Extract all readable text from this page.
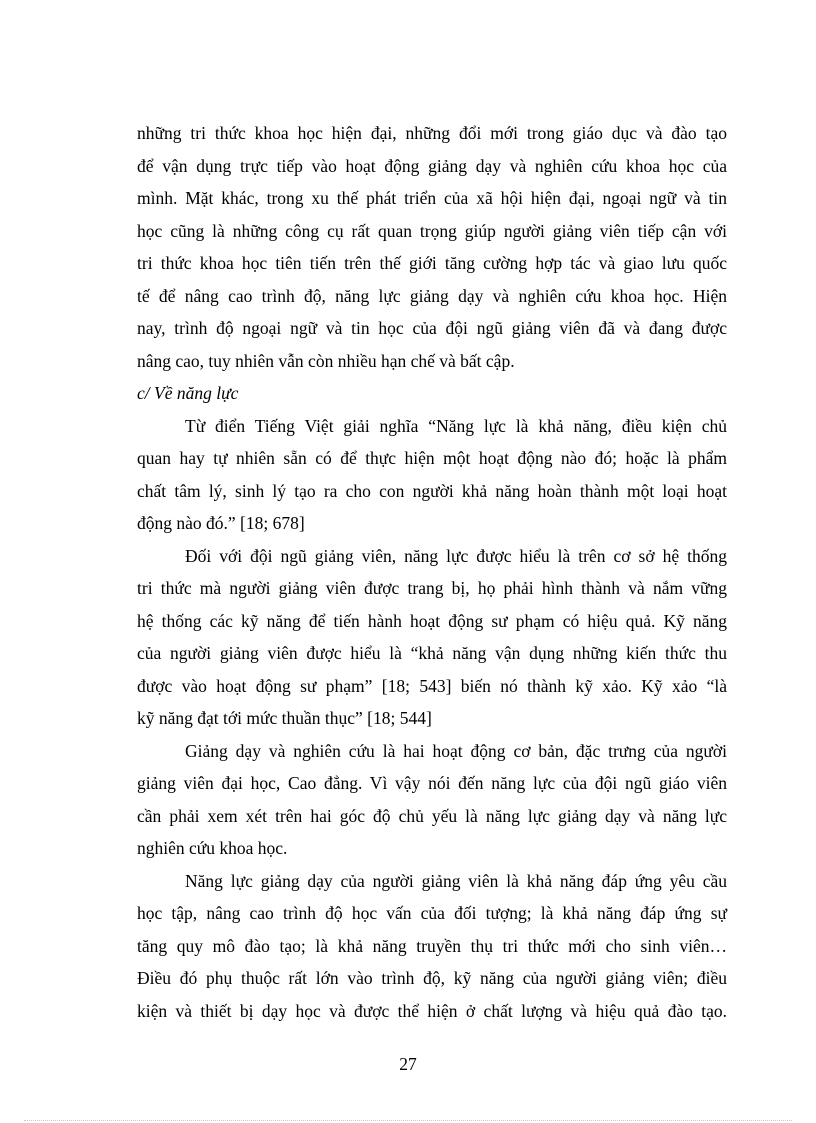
những tri thức khoa học hiện đại, những đổi mới trong giáo dục và đào tạo
để vận dụng trực tiếp vào hoạt động giảng dạy và nghiên cứu khoa học của
mình. Mặt khác, trong xu thế phát triển của xã hội hiện đại, ngoại ngữ và tin
học cũng là những công cụ rất quan trọng giúp người giảng viên tiếp cận với
tri thức khoa học tiên tiến trên thế giới tăng cường hợp tác và giao lưu quốc
tế để nâng cao trình độ, năng lực giảng dạy và nghiên cứu khoa học. Hiện
nay, trình độ ngoại ngữ và tin học của đội ngũ giảng viên đã và đang được
nâng cao, tuy nhiên vẫn còn nhiều hạn chế và bất cập.
c/ Về năng lực
Từ điển Tiếng Việt giải nghĩa “Năng lực là khả năng, điều kiện chủ
quan hay tự nhiên sẵn có để thực hiện một hoạt động nào đó; hoặc là phẩm
chất tâm lý, sinh lý tạo ra cho con người khả năng hoàn thành một loại hoạt
động nào đó.” [18; 678]
Đối với đội ngũ giảng viên, năng lực được hiểu là trên cơ sở hệ thống
tri thức mà người giảng viên được trang bị, họ phải hình thành và nắm vững
hệ thống các kỹ năng để tiến hành hoạt động sư phạm có hiệu quả. Kỹ năng
của người giảng viên được hiểu là “khả năng vận dụng những kiến thức thu
được vào hoạt động sư phạm” [18; 543] biến nó thành kỹ xảo. Kỹ xảo “là
kỹ năng đạt tới mức thuần thục” [18; 544]
Giảng dạy và nghiên cứu là hai hoạt động cơ bản, đặc trưng của người
giảng viên đại học, Cao đẳng. Vì vậy nói đến năng lực của đội ngũ giáo viên
cần phải xem xét trên hai góc độ chủ yếu là năng lực giảng dạy và năng lực
nghiên cứu khoa học.
Năng lực giảng dạy của người giảng viên là khả năng đáp ứng yêu cầu
học tập, nâng cao trình độ học vấn của đối tượng; là khả năng đáp ứng sự
tăng quy mô đào tạo; là khả năng truyền thụ tri thức mới cho sinh viên…
Điều đó phụ thuộc rất lớn vào trình độ, kỹ năng của người giảng viên; điều
kiện và thiết bị dạy học và được thể hiện ở chất lượng và hiệu quả đào tạo.
27
